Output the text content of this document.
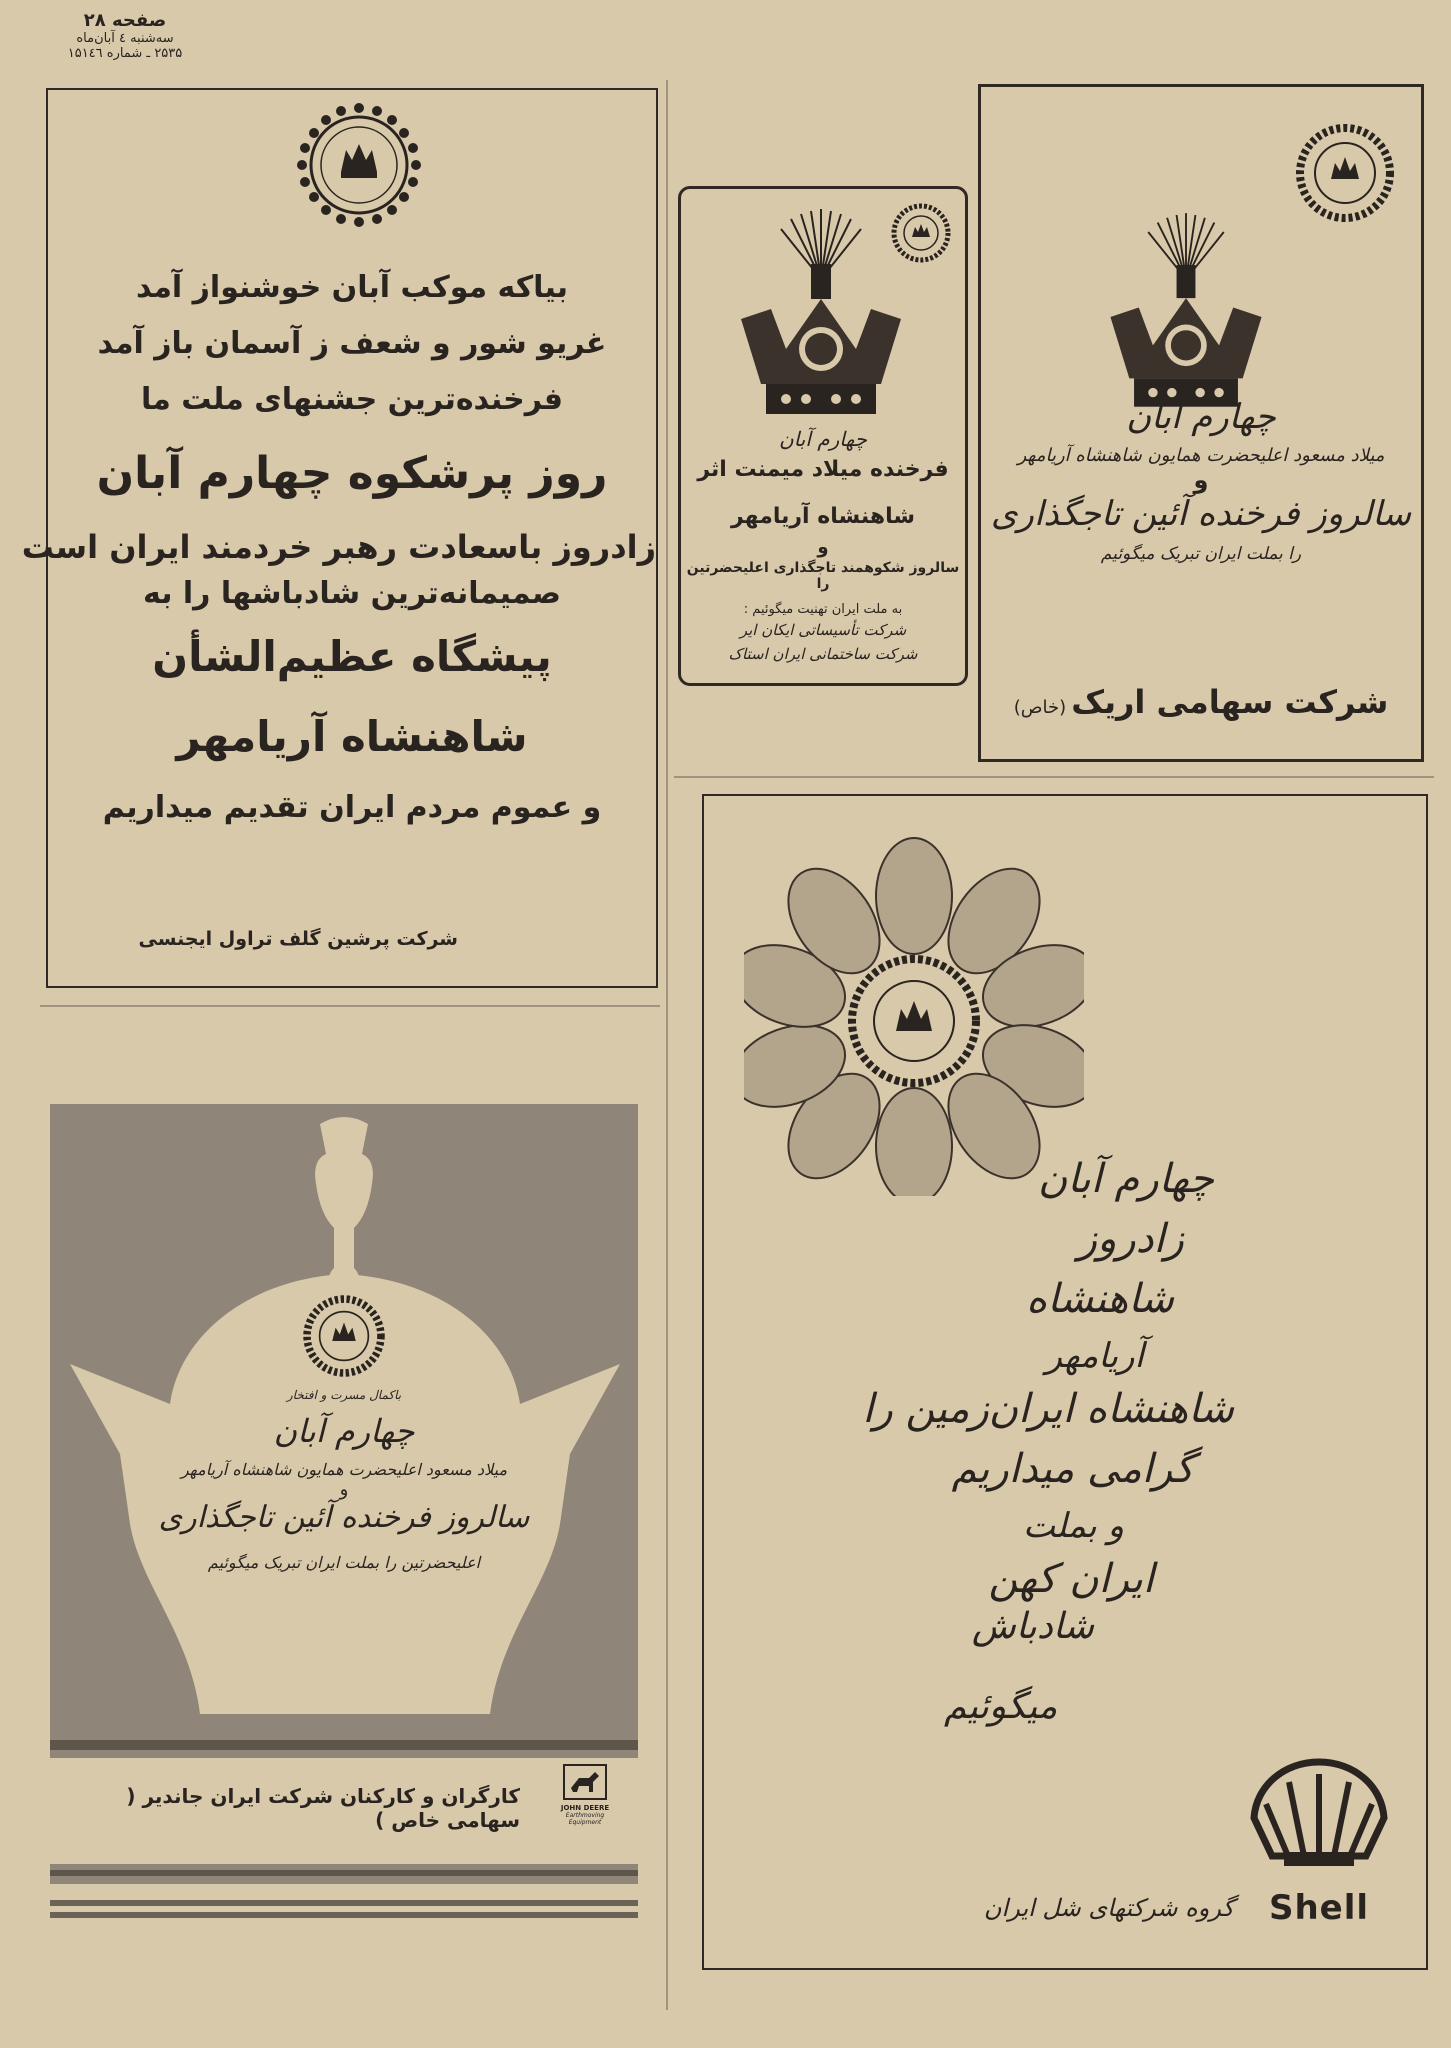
صفحه ۲۸
سه‌شنبه ٤ آبان‌ماه
۲۵۳۵ ـ شماره ۱۵۱٤٦
بیاکه موکب آبان خوشنواز آمد
غریو شور و شعف ز آسمان باز آمد
فرخنده‌ترین جشنهای ملت ما
روز پرشکوه چهارم آبان
زادروز باسعادت رهبر خردمند ایران است
صمیمانه‌ترین شادباشها را به
پیشگاه عظیم‌الشأن
شاهنشاه آریامهر
و عموم مردم ایران تقدیم میداریم
شرکت پرشین گلف تراول ایجنسی
چهارم آبان
فرخنده میلاد میمنت اثر
شاهنشاه آریامهر
و
سالروز شکوهمند تاجگذاری اعلیحضرتین را
به ملت ایران تهنیت میگوئیم :
شرکت تأسیساتی ایکان ایر
شرکت ساختمانی ایران استاک
چهارم آبان
میلاد مسعود اعلیحضرت همایون شاهنشاه آریامهر
و
سالروز فرخنده آئین تاجگذاری
را بملت ایران تبریک میگوئیم
شرکت سهامی اریک (خاص)
باکمال مسرت و افتخار
چهارم آبان
میلاد مسعود اعلیحضرت همایون شاهنشاه آریامهر
و
سالروز فرخنده آئین تاجگذاری
اعلیحضرتین را بملت ایران تبریک میگوئیم
کارگران و کارکنان شرکت ایران جاندیر ( سهامی خاص )	JOHN DEERE
Earthmoving Equipment
چهارم آبان
زادروز
شاهنشاه
آریامهر
شاهنشاه ایران‌زمین را
گرامی میداریم
و بملت
ایران کهن
شادباش
میگوئیم
Shell
گروه شرکتهای شل ایران
